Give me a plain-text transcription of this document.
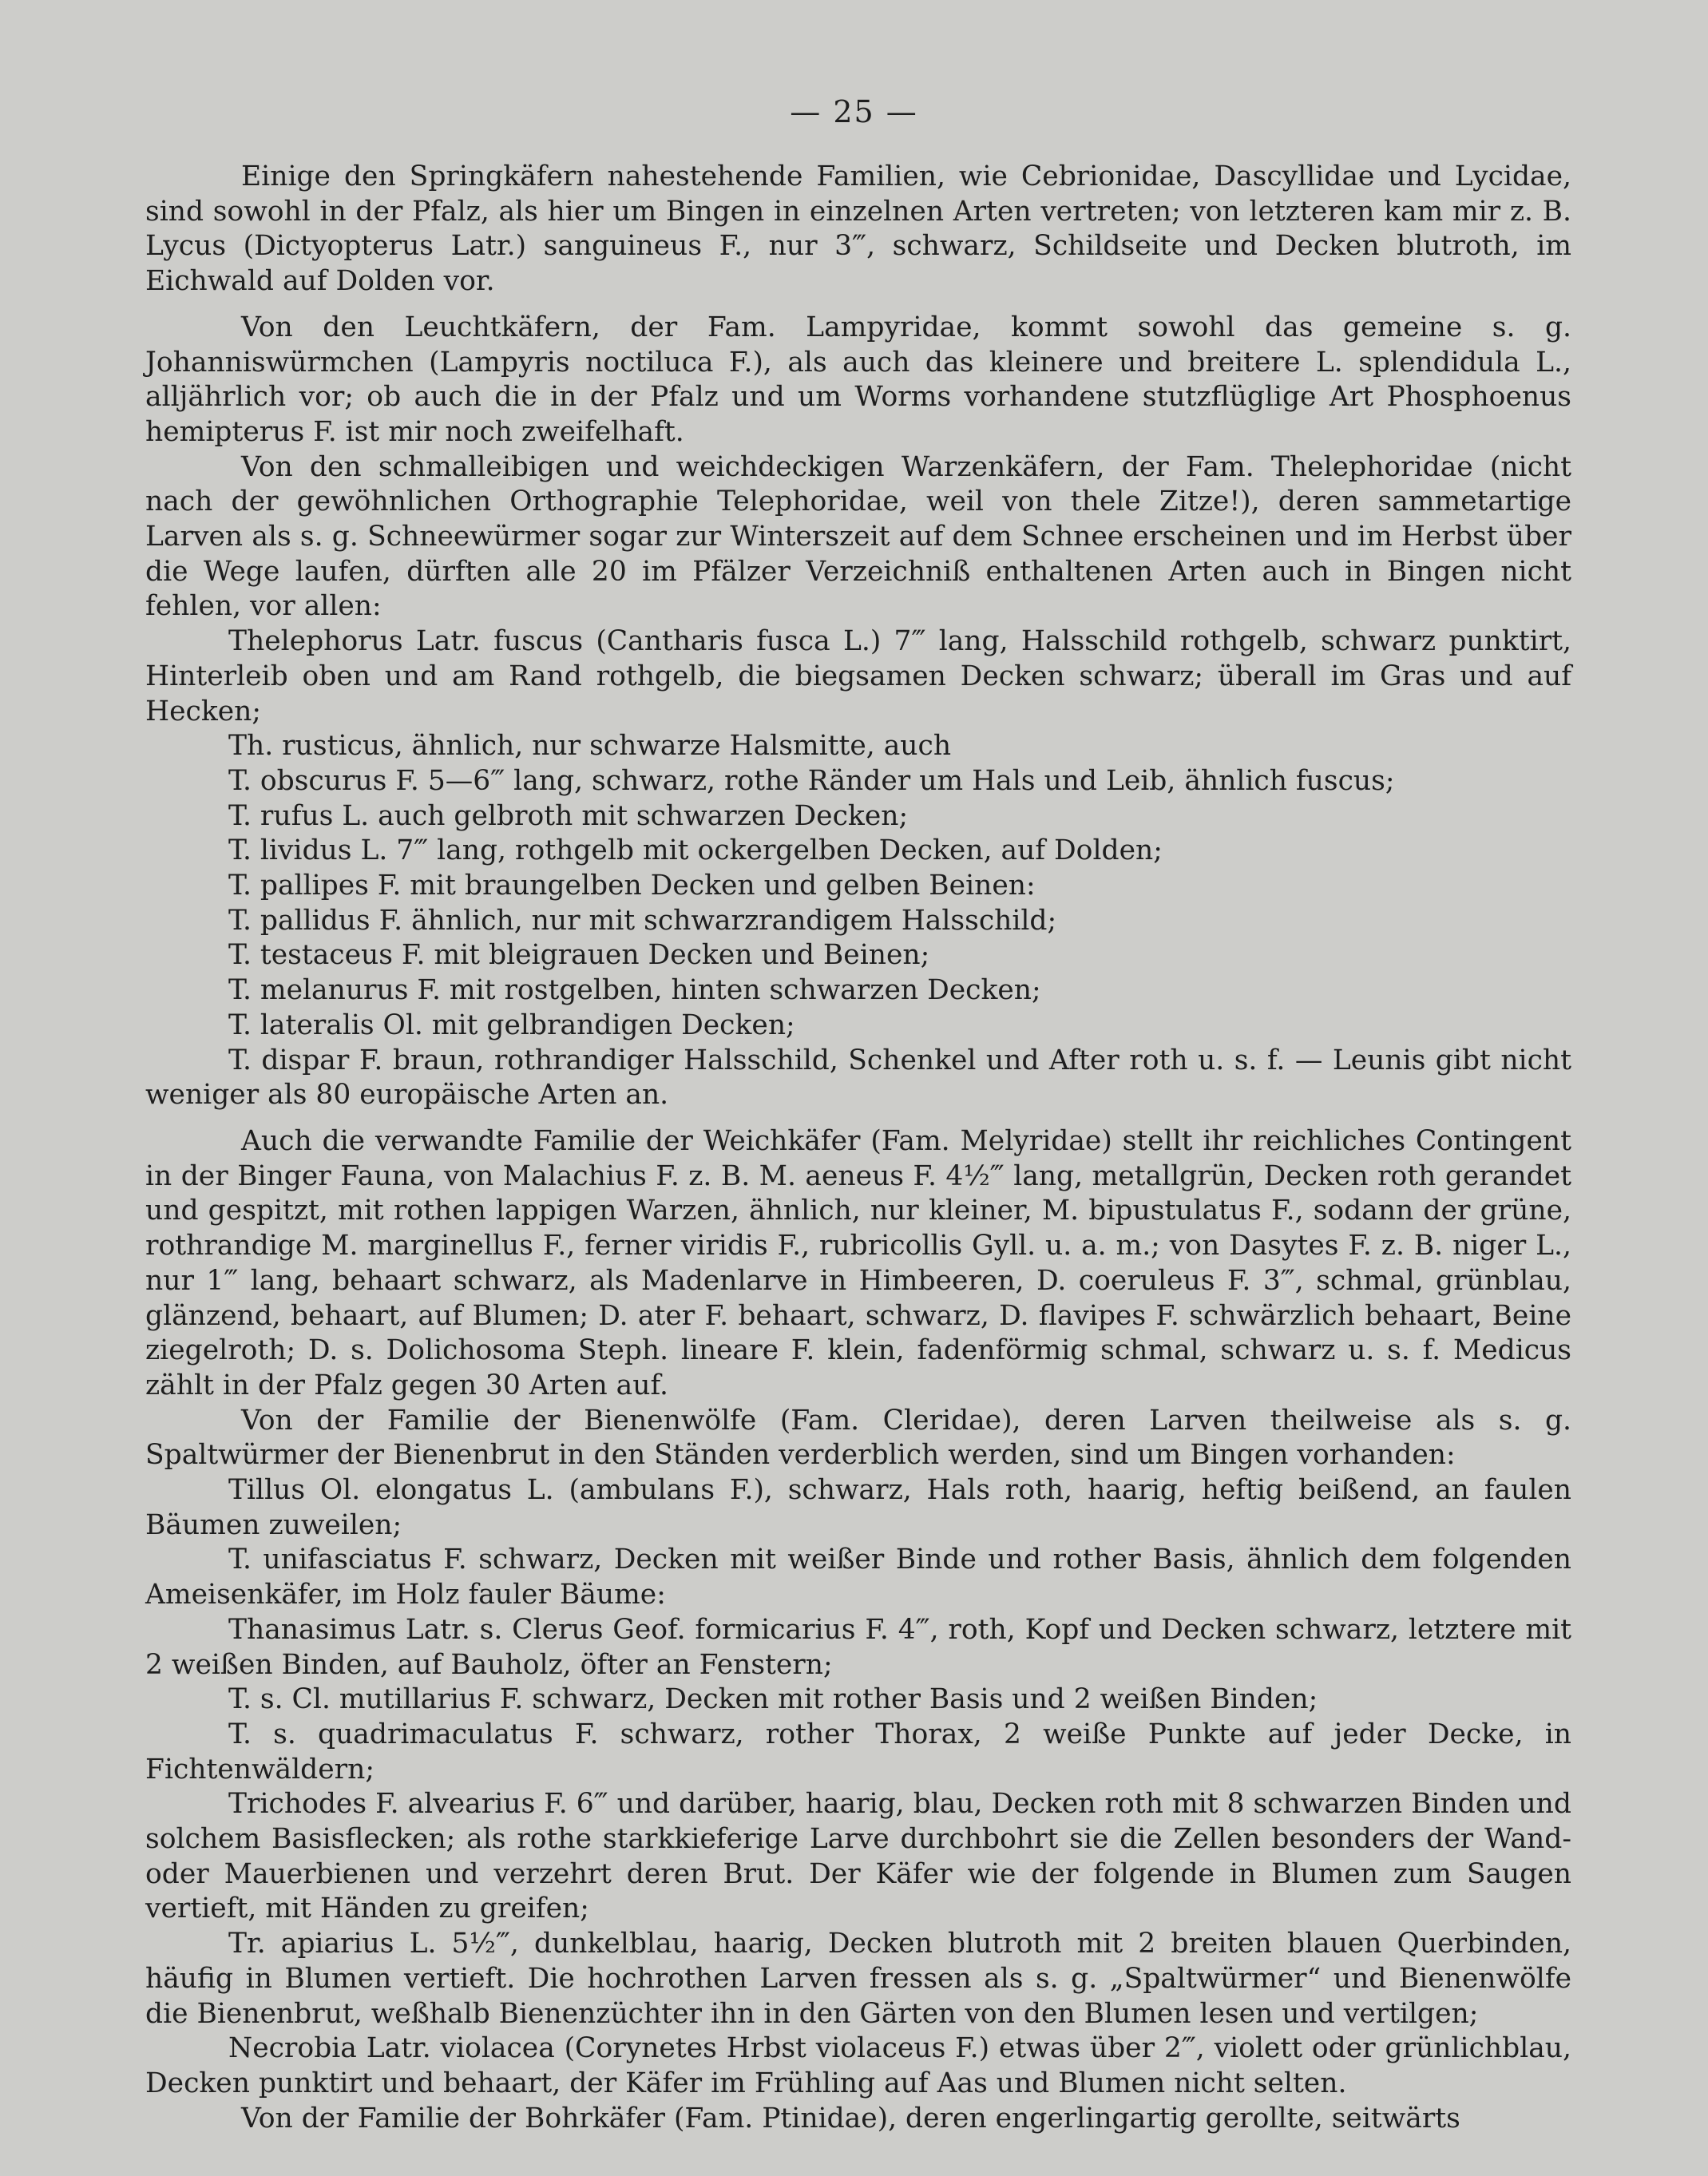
— 25 —

Einige den Springkäfern nahestehende Familien, wie Cebrionidae, Dascyllidae und Lycidae, sind sowohl in der Pfalz, als hier um Bingen in einzelnen Arten vertreten; von letzteren kam mir z. B. Lycus (Dictyopterus Latr.) sanguineus F., nur 3‴, schwarz, Schildseite und Decken blutroth, im Eichwald auf Dolden vor.

Von den Leuchtkäfern, der Fam. Lampyridae, kommt sowohl das gemeine s. g. Johanniswürmchen (Lampyris noctiluca F.), als auch das kleinere und breitere L. splendidula L., alljährlich vor; ob auch die in der Pfalz und um Worms vorhandene stutzflüglige Art Phosphoenus hemipterus F. ist mir noch zweifelhaft.

Von den schmalleibigen und weichdeckigen Warzenkäfern, der Fam. Thelephoridae (nicht nach der gewöhnlichen Orthographie Telephoridae, weil von thele Zitze!), deren sammetartige Larven als s. g. Schneewürmer sogar zur Winterszeit auf dem Schnee erscheinen und im Herbst über die Wege laufen, dürften alle 20 im Pfälzer Verzeichniß enthaltenen Arten auch in Bingen nicht fehlen, vor allen:

Thelephorus Latr. fuscus (Cantharis fusca L.) 7‴ lang, Halsschild rothgelb, schwarz punktirt, Hinterleib oben und am Rand rothgelb, die biegsamen Decken schwarz; überall im Gras und auf Hecken;

Th. rusticus, ähnlich, nur schwarze Halsmitte, auch

T. obscurus F. 5—6‴ lang, schwarz, rothe Ränder um Hals und Leib, ähnlich fuscus;

T. rufus L. auch gelbroth mit schwarzen Decken;

T. lividus L. 7‴ lang, rothgelb mit ockergelben Decken, auf Dolden;

T. pallipes F. mit braungelben Decken und gelben Beinen:

T. pallidus F. ähnlich, nur mit schwarzrandigem Halsschild;

T. testaceus F. mit bleigrauen Decken und Beinen;

T. melanurus F. mit rostgelben, hinten schwarzen Decken;

T. lateralis Ol. mit gelbrandigen Decken;

T. dispar F. braun, rothrandiger Halsschild, Schenkel und After roth u. s. f. — Leunis gibt nicht weniger als 80 europäische Arten an.

Auch die verwandte Familie der Weichkäfer (Fam. Melyridae) stellt ihr reichliches Contingent in der Binger Fauna, von Malachius F. z. B. M. aeneus F. 4½‴ lang, metallgrün, Decken roth gerandet und gespitzt, mit rothen lappigen Warzen, ähnlich, nur kleiner, M. bipustulatus F., sodann der grüne, rothrandige M. marginellus F., ferner viridis F., rubricollis Gyll. u. a. m.; von Dasytes F. z. B. niger L., nur 1‴ lang, behaart schwarz, als Madenlarve in Himbeeren, D. coeruleus F. 3‴, schmal, grünblau, glänzend, behaart, auf Blumen; D. ater F. behaart, schwarz, D. flavipes F. schwärzlich behaart, Beine ziegelroth; D. s. Dolichosoma Steph. lineare F. klein, fadenförmig schmal, schwarz u. s. f. Medicus zählt in der Pfalz gegen 30 Arten auf.

Von der Familie der Bienenwölfe (Fam. Cleridae), deren Larven theilweise als s. g. Spaltwürmer der Bienenbrut in den Ständen verderblich werden, sind um Bingen vorhanden:

Tillus Ol. elongatus L. (ambulans F.), schwarz, Hals roth, haarig, heftig beißend, an faulen Bäumen zuweilen;

T. unifasciatus F. schwarz, Decken mit weißer Binde und rother Basis, ähnlich dem folgenden Ameisenkäfer, im Holz fauler Bäume:

Thanasimus Latr. s. Clerus Geof. formicarius F. 4‴, roth, Kopf und Decken schwarz, letztere mit 2 weißen Binden, auf Bauholz, öfter an Fenstern;

T. s. Cl. mutillarius F. schwarz, Decken mit rother Basis und 2 weißen Binden;

T. s. quadrimaculatus F. schwarz, rother Thorax, 2 weiße Punkte auf jeder Decke, in Fichtenwäldern;

Trichodes F. alvearius F. 6‴ und darüber, haarig, blau, Decken roth mit 8 schwarzen Binden und solchem Basisflecken; als rothe starkkieferige Larve durchbohrt sie die Zellen besonders der Wand- oder Mauerbienen und verzehrt deren Brut. Der Käfer wie der folgende in Blumen zum Saugen vertieft, mit Händen zu greifen;

Tr. apiarius L. 5½‴, dunkelblau, haarig, Decken blutroth mit 2 breiten blauen Querbinden, häufig in Blumen vertieft. Die hochrothen Larven fressen als s. g. „Spaltwürmer“ und Bienenwölfe die Bienenbrut, weßhalb Bienenzüchter ihn in den Gärten von den Blumen lesen und vertilgen;

Necrobia Latr. violacea (Corynetes Hrbst violaceus F.) etwas über 2‴, violett oder grünlichblau, Decken punktirt und behaart, der Käfer im Frühling auf Aas und Blumen nicht selten.

Von der Familie der Bohrkäfer (Fam. Ptinidae), deren engerlingartig gerollte, seitwärts
